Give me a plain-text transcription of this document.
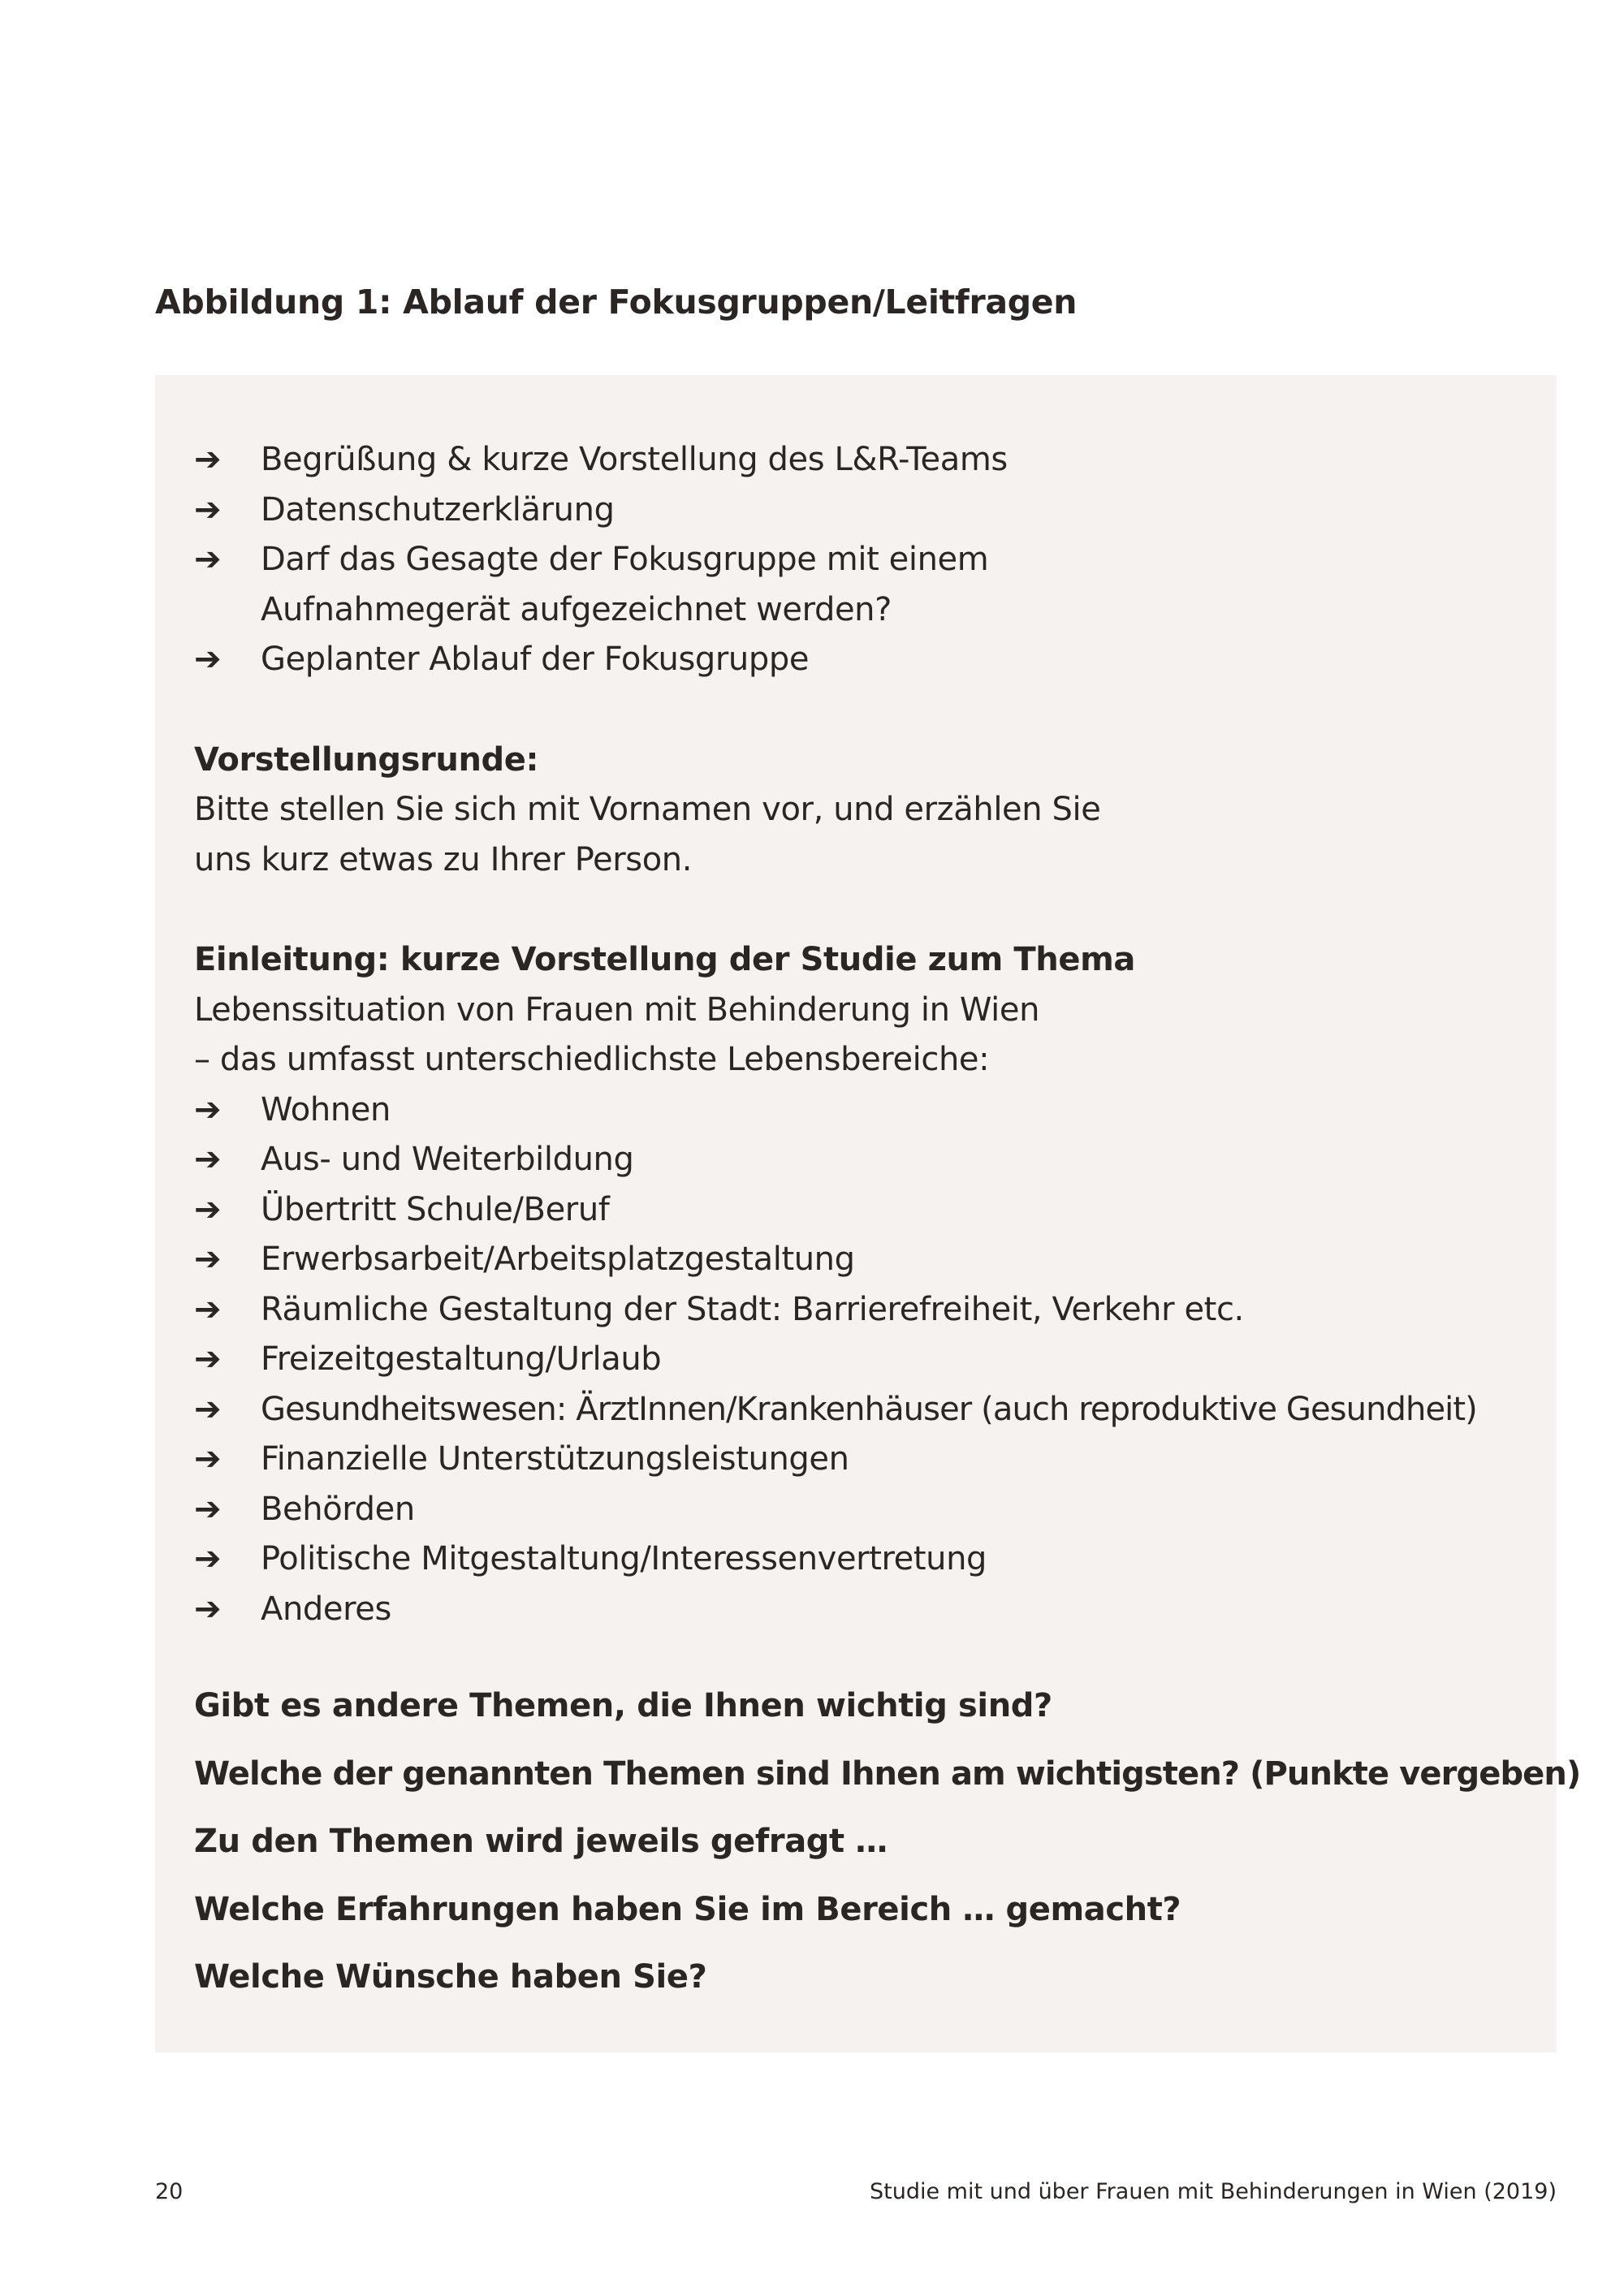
Abbildung 1: Ablauf der Fokusgruppen/Leitfragen
➔ Begrüßung & kurze Vorstellung des L&R-Teams
➔ Datenschutzerklärung
➔ Darf das Gesagte der Fokusgruppe mit einem
Aufnahmegerät aufgezeichnet werden?
➔ Geplanter Ablauf der Fokusgruppe
Vorstellungsrunde:
Bitte stellen Sie sich mit Vornamen vor, und erzählen Sie
uns kurz etwas zu Ihrer Person.
Einleitung: kurze Vorstellung der Studie zum Thema
Lebenssituation von Frauen mit Behinderung in Wien
– das umfasst unterschiedlichste Lebensbereiche:
➔ Wohnen
➔ Aus- und Weiterbildung
➔ Übertritt Schule/Beruf
➔ Erwerbsarbeit/Arbeitsplatzgestaltung
➔ Räumliche Gestaltung der Stadt: Barrierefreiheit, Verkehr etc.
➔ Freizeitgestaltung/Urlaub
➔ Gesundheitswesen: ÄrztInnen/Krankenhäuser (auch reproduktive Gesundheit)
➔ Finanzielle Unterstützungsleistungen
➔ Behörden
➔ Politische Mitgestaltung/Interessenvertretung
➔ Anderes
Gibt es andere Themen, die Ihnen wichtig sind?
Welche der genannten Themen sind Ihnen am wichtigsten? (Punkte vergeben)
Zu den Themen wird jeweils gefragt …
Welche Erfahrungen haben Sie im Bereich … gemacht?
Welche Wünsche haben Sie?
20	Studie mit und über Frauen mit Behinderungen in Wien (2019)
